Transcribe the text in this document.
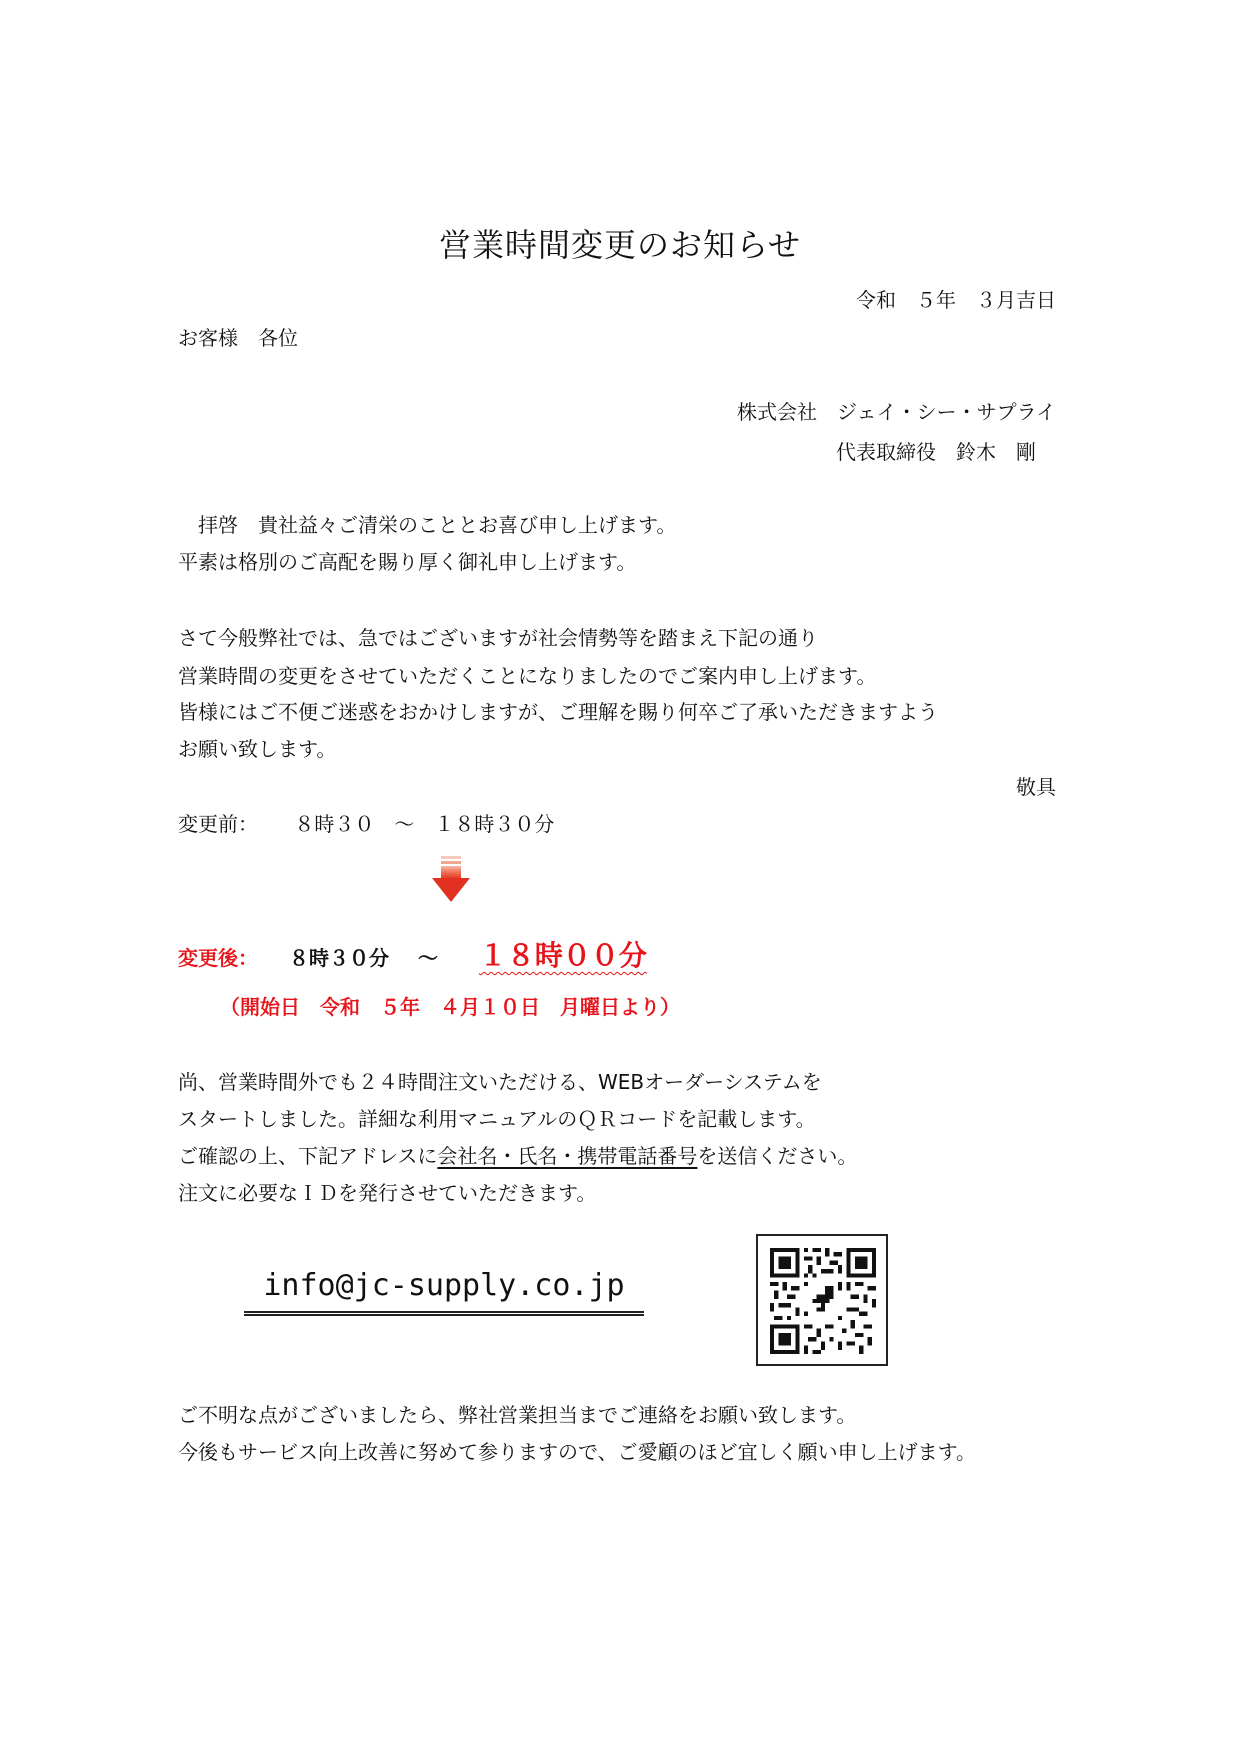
営業時間変更のお知らせ
令和　５年　３月吉日
お客様　各位
株式会社　ジェイ・シー・サプライ
代表取締役　鈴木　剛
　拝啓　貴社益々ご清栄のこととお喜び申し上げます。
平素は格別のご高配を賜り厚く御礼申し上げます。
さて今般弊社では、急ではございますが社会情勢等を踏まえ下記の通り
営業時間の変更をさせていただくことになりましたのでご案内申し上げます。
皆様にはご不便ご迷惑をおかけしますが、ご理解を賜り何卒ご了承いただきますよう
お願い致します。
敬具
変更前： ８時３０　～　１８時３０分
変更後： ８時３０分 ～ １８時００分
（開始日　令和　５年　４月１０日　月曜日より）
尚、営業時間外でも２４時間注文いただける、WEBオーダーシステムを
スタートしました。詳細な利用マニュアルのＱＲコードを記載します。
ご確認の上、下記アドレスに会社名・氏名・携帯電話番号を送信ください。
注文に必要なＩＤを発行させていただきます。
info@jc-supply.co.jp
ご不明な点がございましたら、弊社営業担当までご連絡をお願い致します。
今後もサービス向上改善に努めて参りますので、ご愛顧のほど宜しく願い申し上げます。
